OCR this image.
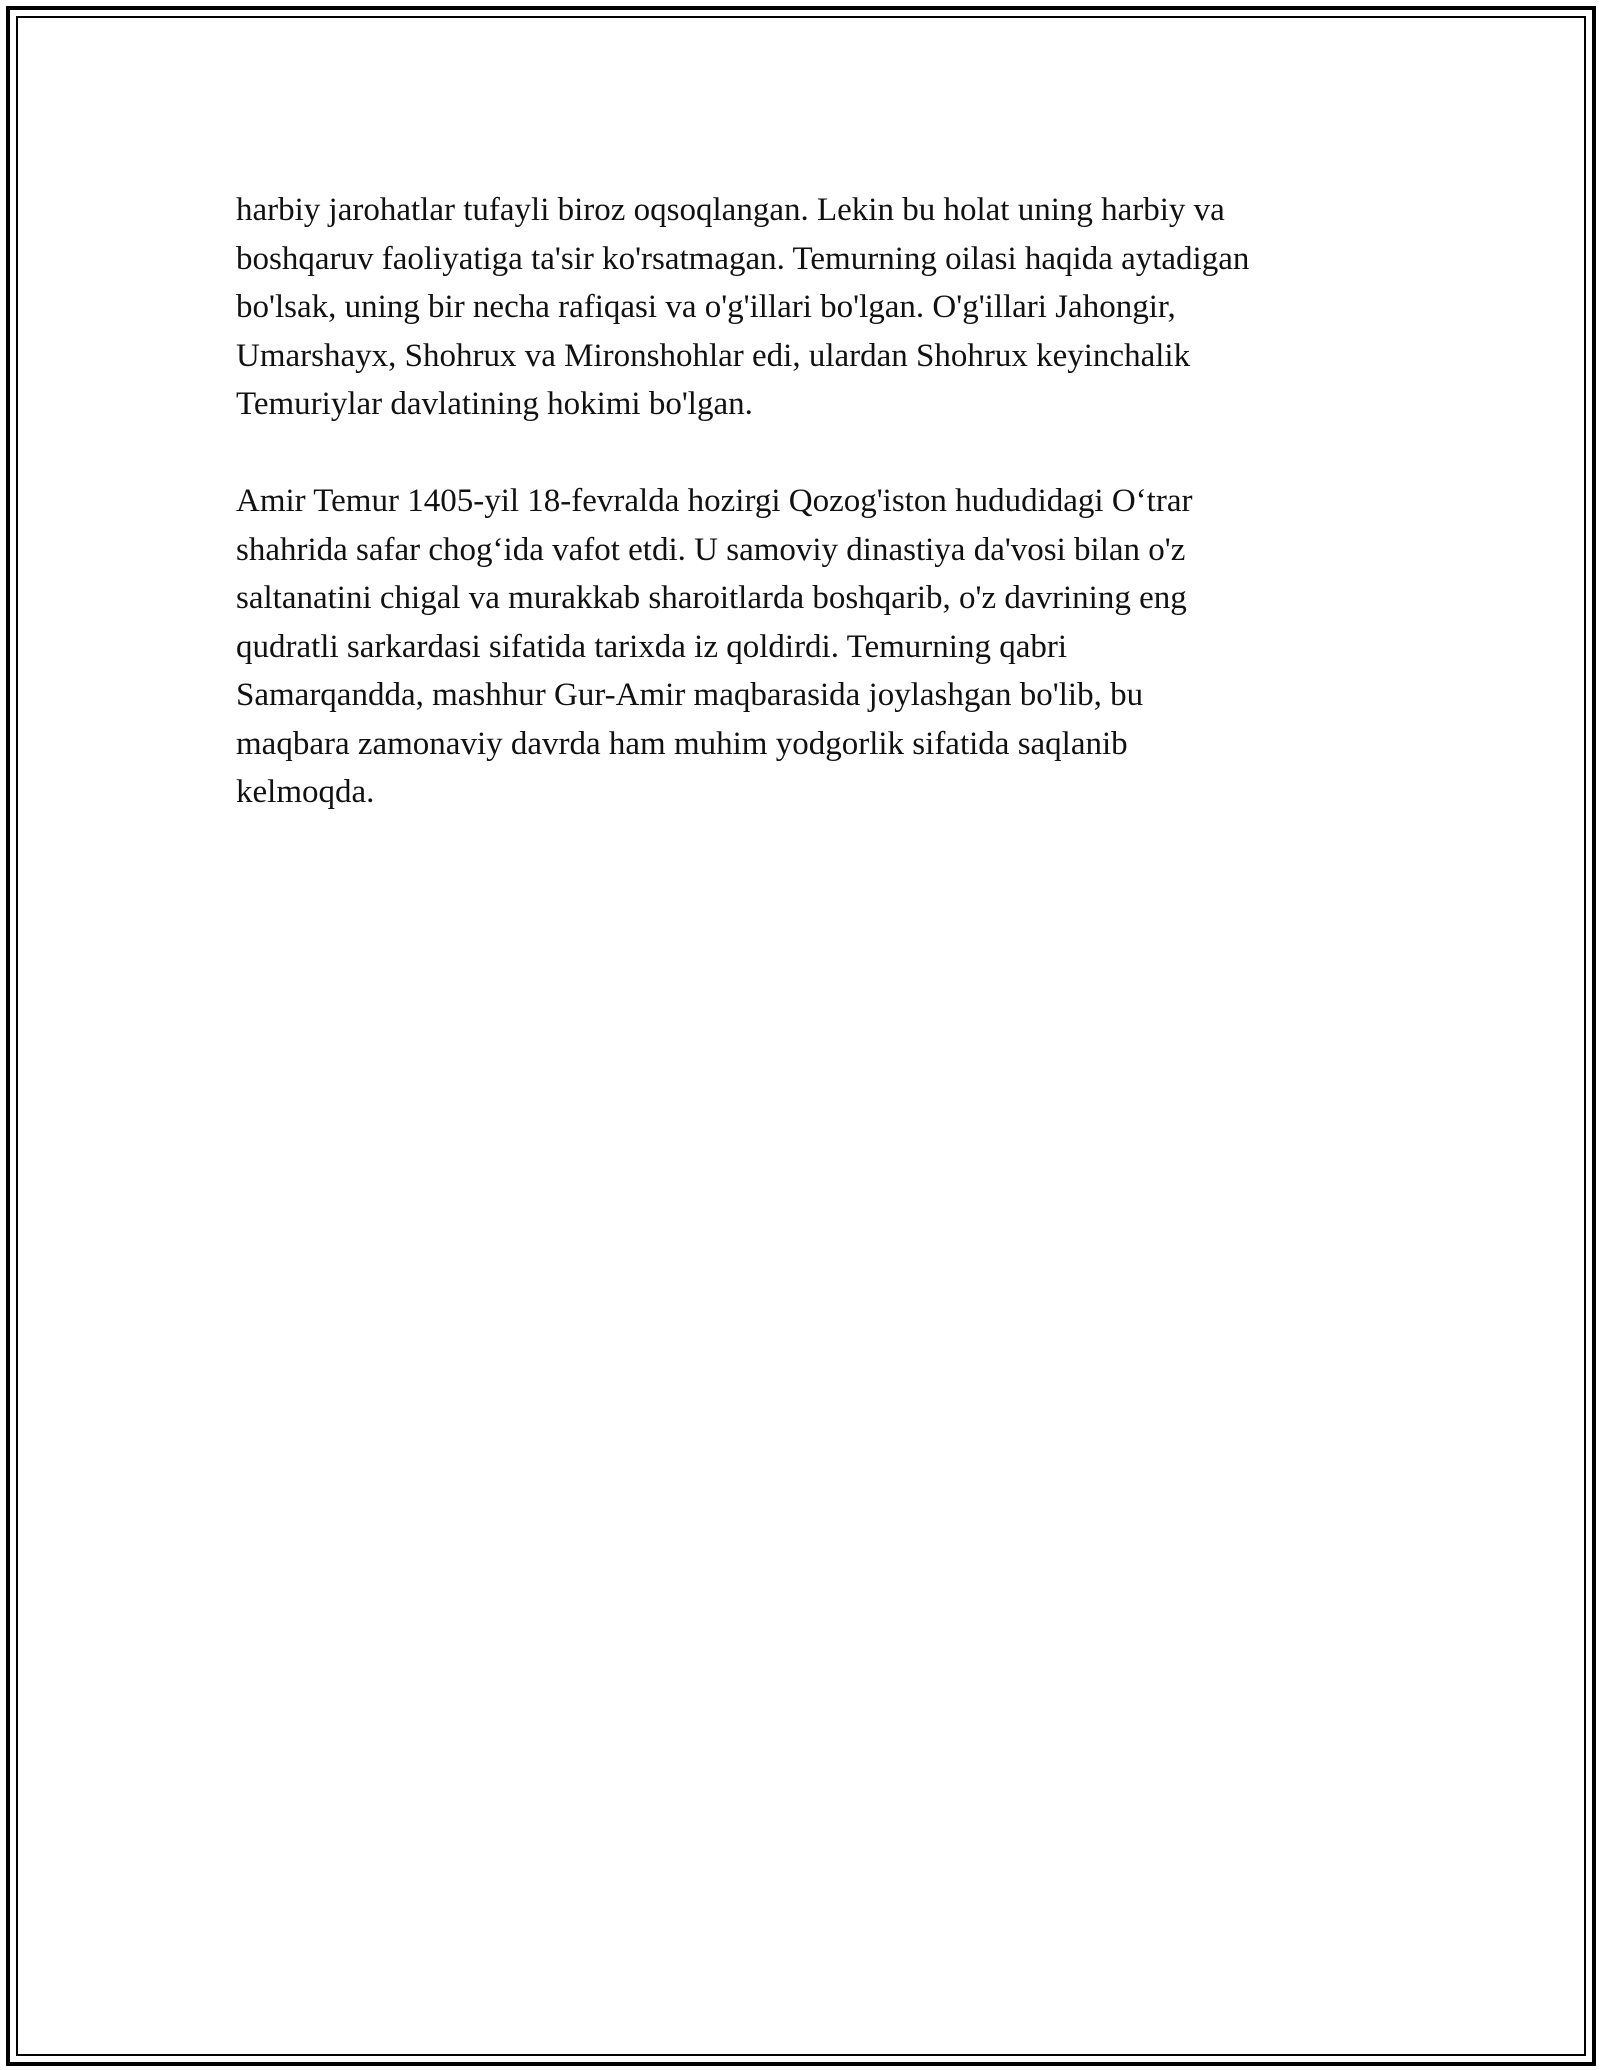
harbiy jarohatlar tufayli biroz oqsoqlangan. Lekin bu holat uning harbiy va
boshqaruv faoliyatiga ta'sir ko'rsatmagan. Temurning oilasi haqida aytadigan
bo'lsak, uning bir necha rafiqasi va o'g'illari bo'lgan. O'g'illari Jahongir,
Umarshayx, Shohrux va Mironshohlar edi, ulardan Shohrux keyinchalik
Temuriylar davlatining hokimi bo'lgan.

Amir Temur 1405-yil 18-fevralda hozirgi Qozog'iston hududidagi O‘trar
shahrida safar chog‘ida vafot etdi. U samoviy dinastiya da'vosi bilan o'z
saltanatini chigal va murakkab sharoitlarda boshqarib, o'z davrining eng
qudratli sarkardasi sifatida tarixda iz qoldirdi. Temurning qabri
Samarqandda, mashhur Gur-Amir maqbarasida joylashgan bo'lib, bu
maqbara zamonaviy davrda ham muhim yodgorlik sifatida saqlanib
kelmoqda.
